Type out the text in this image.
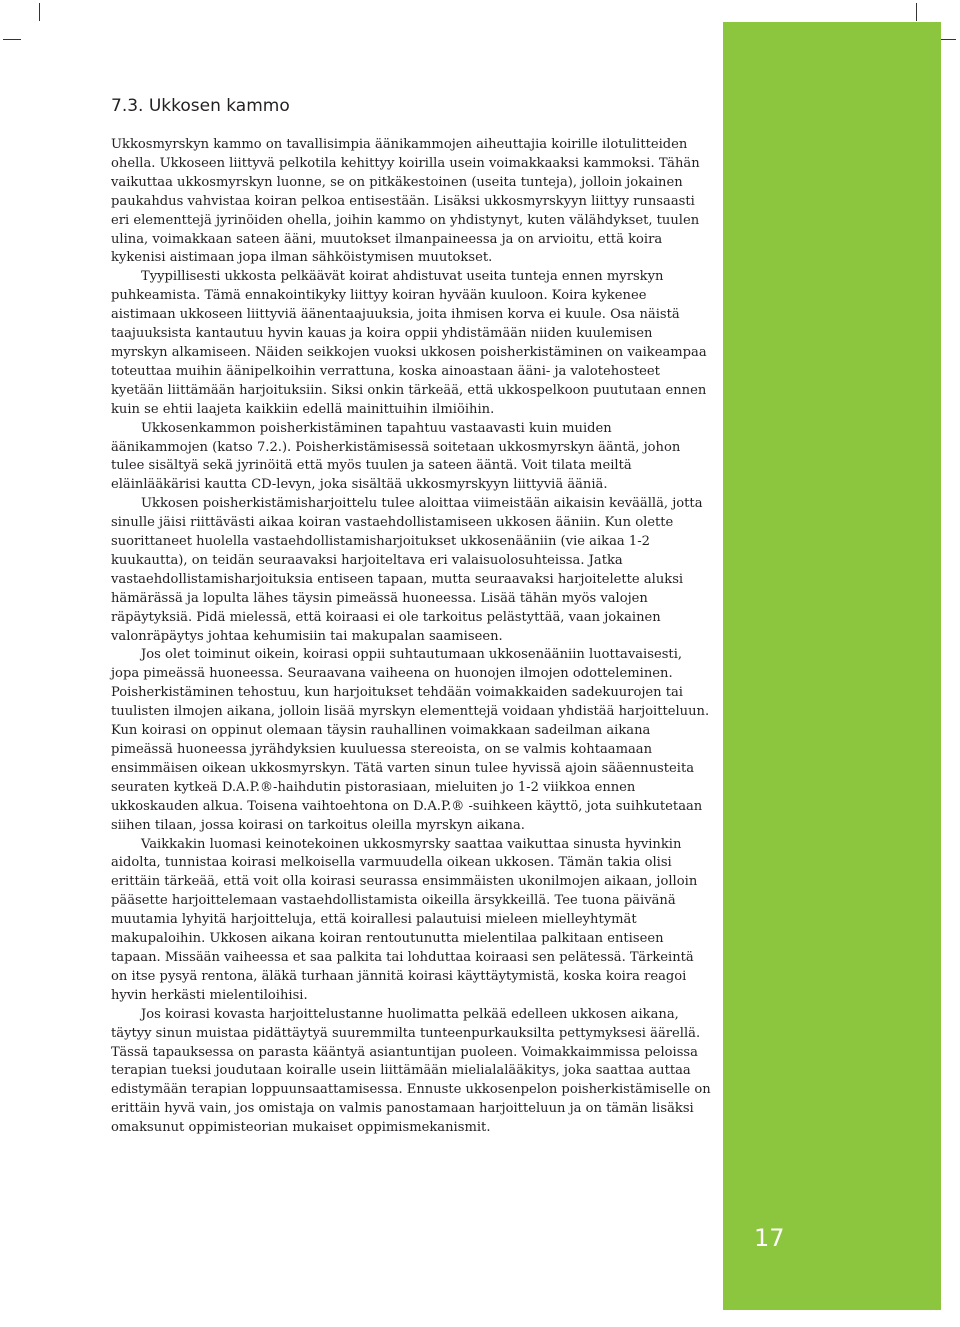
17
7.3. Ukkosen kammo

Ukkosmyrskyn kammo on tavallisimpia äänikammojen aiheuttajia koirille ilotulitteiden ohella. Ukkoseen liittyvä pelkotila kehittyy koirilla usein voimakkaaksi kammoksi. Tähän vaikuttaa ukkosmyrskyn luonne, se on pitkäkestoinen (useita tunteja), jolloin jokainen paukahdus vahvistaa koiran pelkoa entisestään. Lisäksi ukkosmyrskyyn liittyy runsaasti eri elementtejä jyrinöiden ohella, joihin kammo on yhdistynyt, kuten välähdykset, tuulen ulina, voimakkaan sateen ääni, muutokset ilmanpaineessa ja on arvioitu, että koira kykenisi aistimaan jopa ilman sähköistymisen muutokset.

Tyypillisesti ukkosta pelkäävät koirat ahdistuvat useita tunteja ennen myrskyn puhkeamista. Tämä ennakointikyky liittyy koiran hyvään kuuloon. Koira kykenee aistimaan ukkoseen liittyviä äänentaajuuksia, joita ihmisen korva ei kuule. Osa näistä taajuuksista kantautuu hyvin kauas ja koira oppii yhdistämään niiden kuulemisen myrskyn alkamiseen. Näiden seikkojen vuoksi ukkosen poisherkistäminen on vaikeampaa toteuttaa muihin äänipelkoihin verrattuna, koska ainoastaan ääni- ja valotehosteet kyetään liittämään harjoituksiin. Siksi onkin tärkeää, että ukkospelkoon puututaan ennen kuin se ehtii laajeta kaikkiin edellä mainittuihin ilmiöihin.

Ukkosenkammon poisherkistäminen tapahtuu vastaavasti kuin muiden äänikammojen (katso 7.2.). Poisherkistämisessä soitetaan ukkosmyrskyn ääntä, johon tulee sisältyä sekä jyrinöitä että myös tuulen ja sateen ääntä. Voit tilata meiltä eläinlääkärisi kautta CD-levyn, joka sisältää ukkosmyrskyyn liittyviä ääniä.

Ukkosen poisherkistämisharjoittelu tulee aloittaa viimeistään aikaisin keväällä, jotta sinulle jäisi riittävästi aikaa koiran vastaehdollistamiseen ukkosen ääniin. Kun olette suorittaneet huolella vastaehdollistamisharjoitukset ukkosenääniin (vie aikaa 1-2 kuukautta), on teidän seuraavaksi harjoiteltava eri valaisuolosuhteissa. Jatka vastaehdollistamisharjoituksia entiseen tapaan, mutta seuraavaksi harjoitelette aluksi hämärässä ja lopulta lähes täysin pimeässä huoneessa. Lisää tähän myös valojen räpäytyksiä. Pidä mielessä, että koiraasi ei ole tarkoitus pelästyttää, vaan jokainen valonräpäytys johtaa kehumisiin tai makupalan saamiseen.

Jos olet toiminut oikein, koirasi oppii suhtautumaan ukkosenääniin luottavaisesti, jopa pimeässä huoneessa. Seuraavana vaiheena on huonojen ilmojen odotteleminen. Poisherkistäminen tehostuu, kun harjoitukset tehdään voimakkaiden sadekuurojen tai tuulisten ilmojen aikana, jolloin lisää myrskyn elementtejä voidaan yhdistää harjoitteluun. Kun koirasi on oppinut olemaan täysin rauhallinen voimakkaan sadeilman aikana pimeässä huoneessa jyrähdyksien kuuluessa stereoista, on se valmis kohtaamaan ensimmäisen oikean ukkosmyrskyn. Tätä varten sinun tulee hyvissä ajoin sääennusteita seuraten kytkeä D.A.P.®-haihdutin pistorasiaan, mieluiten jo 1-2 viikkoa ennen ukkoskauden alkua. Toisena vaihtoehtona on D.A.P.® -suihkeen käyttö, jota suihkutetaan siihen tilaan, jossa koirasi on tarkoitus oleilla myrskyn aikana.

Vaikkakin luomasi keinotekoinen ukkosmyrsky saattaa vaikuttaa sinusta hyvinkin aidolta, tunnistaa koirasi melkoisella varmuudella oikean ukkosen. Tämän takia olisi erittäin tärkeää, että voit olla koirasi seurassa ensimmäisten ukonilmojen aikaan, jolloin pääsette harjoittelemaan vastaehdollistamista oikeilla ärsykkeillä. Tee tuona päivänä muutamia lyhyitä harjoitteluja, että koirallesi palautuisi mieleen mielleyhtymät makupaloihin. Ukkosen aikana koiran rentoutunutta mielentilaa palkitaan entiseen tapaan. Missään vaiheessa et saa palkita tai lohduttaa koiraasi sen pelätessä. Tärkeintä on itse pysyä rentona, äläkä turhaan jännitä koirasi käyttäytymistä, koska koira reagoi hyvin herkästi mielentiloihisi.

Jos koirasi kovasta harjoittelustanne huolimatta pelkää edelleen ukkosen aikana, täytyy sinun muistaa pidättäytyä suuremmilta tunteenpurkauksilta pettymyksesi äärellä. Tässä tapauksessa on parasta kääntyä asiantuntijan puoleen. Voimakkaimmissa peloissa terapian tueksi joudutaan koiralle usein liittämään mielialalääkitys, joka saattaa auttaa edistymään terapian loppuunsaattamisessa. Ennuste ukkosenpelon poisherkistämiselle on erittäin hyvä vain, jos omistaja on valmis panostamaan harjoitteluun ja on tämän lisäksi omaksunut oppimisteorian mukaiset oppimismekanismit.
